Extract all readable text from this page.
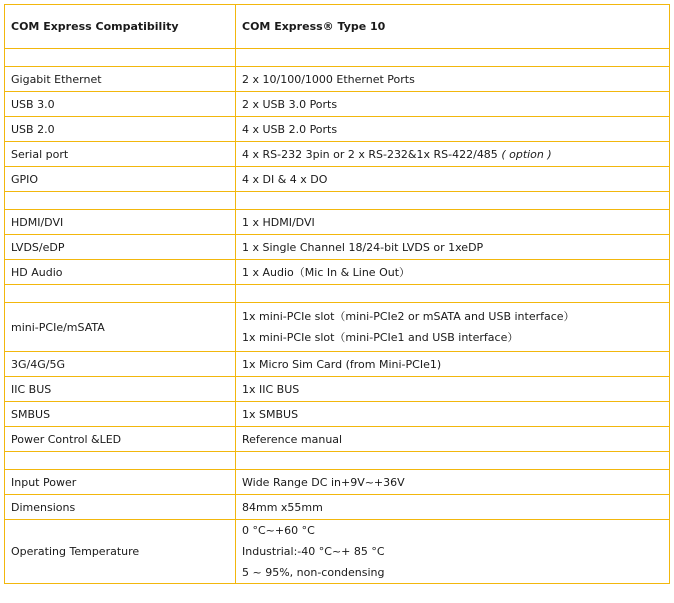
COM Express Compatibility	COM Express® Type 10

Gigabit Ethernet	2 x 10/100/1000 Ethernet Ports
USB 3.0	2 x USB 3.0 Ports
USB 2.0	4 x USB 2.0 Ports
Serial port	4 x RS-232 3pin or 2 x RS-232&1x RS-422/485 ( option )
GPIO	4 x DI & 4 x DO

HDMI/DVI	1 x HDMI/DVI
LVDS/eDP	1 x Single Channel 18/24-bit LVDS or 1xeDP
HD Audio	1 x Audio（Mic In & Line Out）

mini-PCIe/mSATA	1x mini-PCIe slot（mini-PCIe2 or mSATA and USB interface）
1x mini-PCIe slot（mini-PCIe1 and USB interface）

3G/4G/5G	1x Micro Sim Card (from Mini-PCIe1)
IIC BUS	1x IIC BUS
SMBUS	1x SMBUS
Power Control &LED	Reference manual

Input Power	Wide Range DC in+9V~+36V
Dimensions	84mm x55mm
Operating Temperature	0 °C~+60 °C
Industrial:-40 °C~+ 85 °C
5 ~ 95%, non-condensing
